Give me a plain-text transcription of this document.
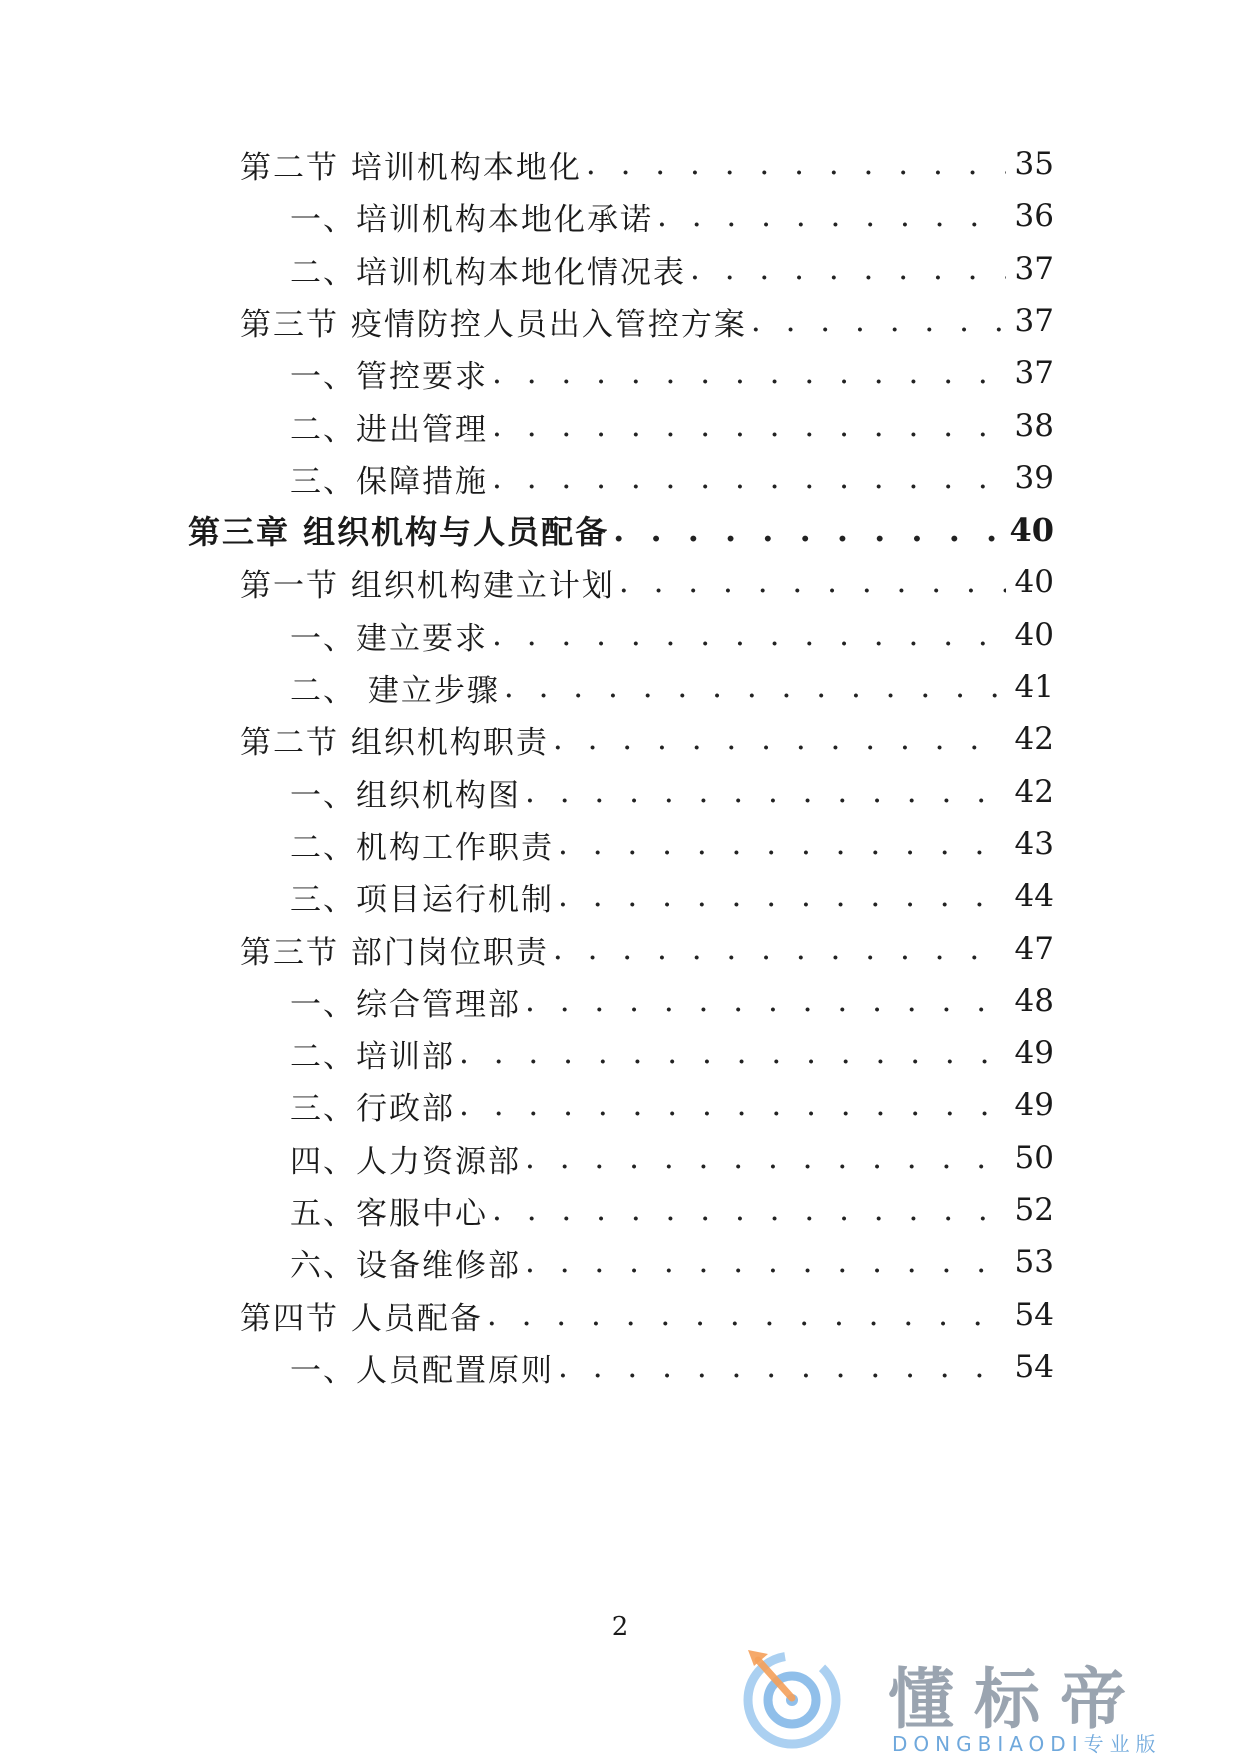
第二节 培训机构本地化 . . .	35
一、培训机构本地化承诺 . . .	36
二、培训机构本地化情况表 . . .	37
第三节 疫情防控人员出入管控方案 . . .	37
一、管控要求 . . .	37
二、进出管理 . . .	38
三、保障措施 . . .	39
第三章 组织机构与人员配备 . . .	40
第一节 组织机构建立计划 . . .	40
一、建立要求 . . .	40
二、 建立步骤 . . .	41
第二节 组织机构职责 . . .	42
一、组织机构图 . . .	42
二、机构工作职责 . . .	43
三、项目运行机制 . . .	44
第三节 部门岗位职责 . . .	47
一、综合管理部 . . .	48
二、培训部 . . .	49
三、行政部 . . .	49
四、人力资源部 . . .	50
五、客服中心 . . .	52
六、设备维修部 . . .	53
第四节 人员配备 . . .	54
一、人员配置原则 . . .	54
2
懂标帝
DONGBIAODI专业版
